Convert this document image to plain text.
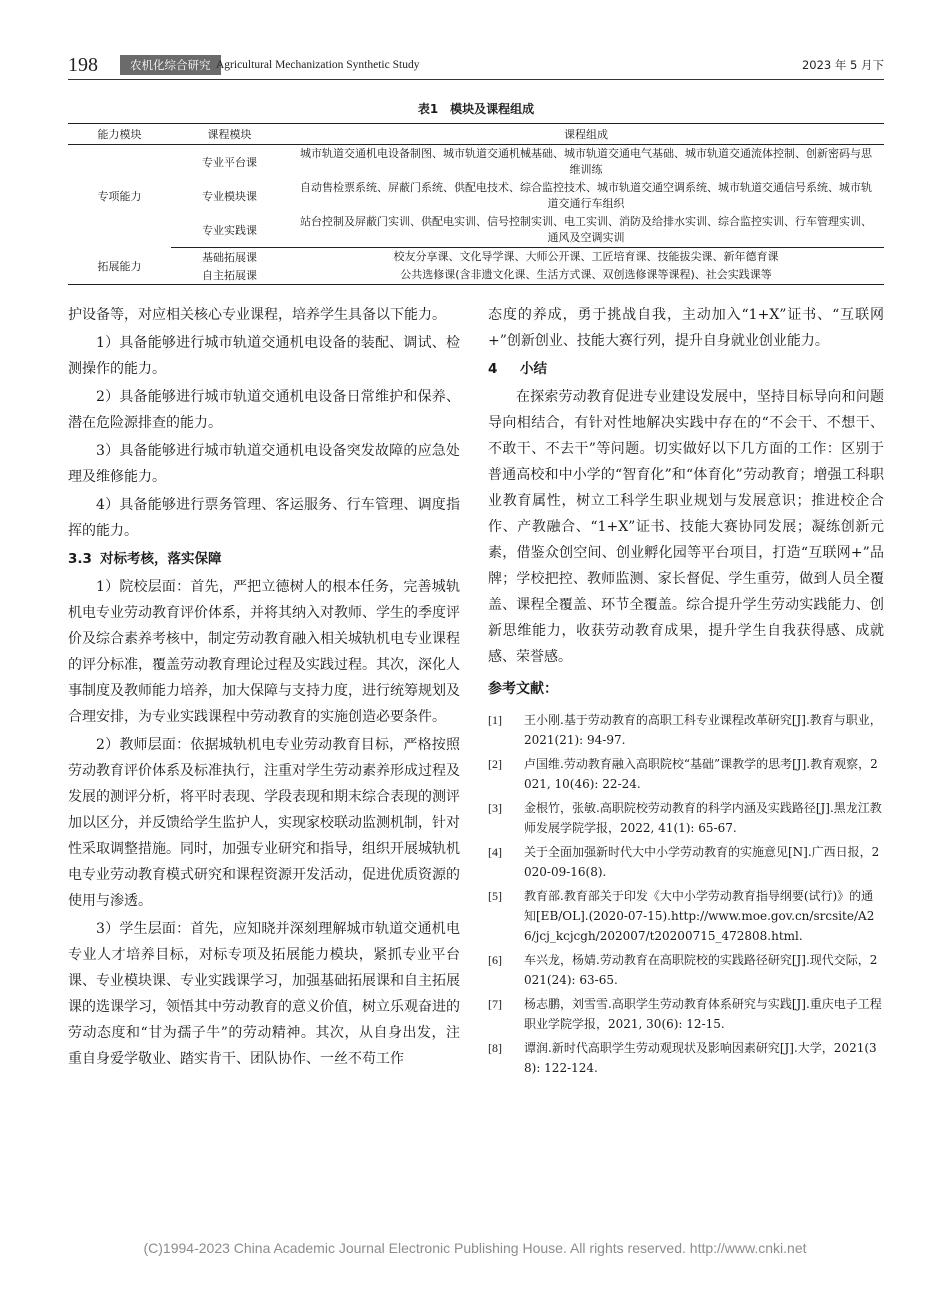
198	农机化综合研究 Agricultural Mechanization Synthetic Study	2023 年 5 月下
表1　模块及课程组成
能力模块	课程模块	课程组成
专项能力	专业平台课	城市轨道交通机电设备制图、城市轨道交通机械基础、城市轨道交通电气基础、城市轨道交通流体控制、创新密码与思维训练
	专业模块课	自动售检票系统、屏蔽门系统、供配电技术、综合监控技术、城市轨道交通空调系统、城市轨道交通信号系统、城市轨道交通行车组织
	专业实践课	站台控制及屏蔽门实训、供配电实训、信号控制实训、电工实训、消防及给排水实训、综合监控实训、行车管理实训、通风及空调实训
拓展能力	基础拓展课	校友分享课、文化导学课、大师公开课、工匠培育课、技能拔尖课、新年德育课
	自主拓展课	公共选修课(含非遗文化课、生活方式课、双创选修课等课程)、社会实践课等

护设备等，对应相关核心专业课程，培养学生具备以下能力。

1）具备能够进行城市轨道交通机电设备的装配、调试、检测操作的能力。

2）具备能够进行城市轨道交通机电设备日常维护和保养、潜在危险源排查的能力。

3）具备能够进行城市轨道交通机电设备突发故障的应急处理及维修能力。

4）具备能够进行票务管理、客运服务、行车管理、调度指挥的能力。

3.3 对标考核，落实保障

1）院校层面：首先，严把立德树人的根本任务，完善城轨机电专业劳动教育评价体系，并将其纳入对教师、学生的季度评价及综合素养考核中，制定劳动教育融入相关城轨机电专业课程的评分标准，覆盖劳动教育理论过程及实践过程。其次，深化人事制度及教师能力培养，加大保障与支持力度，进行统筹规划及合理安排，为专业实践课程中劳动教育的实施创造必要条件。

2）教师层面：依据城轨机电专业劳动教育目标，严格按照劳动教育评价体系及标准执行，注重对学生劳动素养形成过程及发展的测评分析，将平时表现、学段表现和期末综合表现的测评加以区分，并反馈给学生监护人，实现家校联动监测机制，针对性采取调整措施。同时，加强专业研究和指导，组织开展城轨机电专业劳动教育模式研究和课程资源开发活动，促进优质资源的使用与渗透。

3）学生层面：首先，应知晓并深刻理解城市轨道交通机电专业人才培养目标，对标专项及拓展能力模块，紧抓专业平台课、专业模块课、专业实践课学习，加强基础拓展课和自主拓展课的选课学习，领悟其中劳动教育的意义价值，树立乐观奋进的劳动态度和“甘为孺子牛”的劳动精神。其次，从自身出发，注重自身爱学敬业、踏实肯干、团队协作、一丝不苟工作

态度的养成，勇于挑战自我，主动加入“1+X”证书、“互联网+”创新创业、技能大赛行列，提升自身就业创业能力。

4 小结

在探索劳动教育促进专业建设发展中，坚持目标导向和问题导向相结合，有针对性地解决实践中存在的“不会干、不想干、不敢干、不去干”等问题。切实做好以下几方面的工作：区别于普通高校和中小学的“智育化”和“体育化”劳动教育；增强工科职业教育属性，树立工科学生职业规划与发展意识；推进校企合作、产教融合、“1+X”证书、技能大赛协同发展；凝练创新元素，借鉴众创空间、创业孵化园等平台项目，打造“互联网+”品牌；学校把控、教师监测、家长督促、学生重劳，做到人员全覆盖、课程全覆盖、环节全覆盖。综合提升学生劳动实践能力、创新思维能力，收获劳动教育成果，提升学生自我获得感、成就感、荣誉感。

参考文献：
[1] 王小刚.基于劳动教育的高职工科专业课程改革研究[J].教育与职业，2021(21): 94-97.
[2] 卢国维.劳动教育融入高职院校“基础”课教学的思考[J].教育观察，2021, 10(46): 22-24.
[3] 金根竹，张敏.高职院校劳动教育的科学内涵及实践路径[J].黑龙江教师发展学院学报，2022, 41(1): 65-67.
[4] 关于全面加强新时代大中小学劳动教育的实施意见[N].广西日报，2020-09-16(8).
[5] 教育部.教育部关于印发《大中小学劳动教育指导纲要(试行)》的通知[EB/OL].(2020-07-15).http://www.moe.gov.cn/srcsite/A26/jcj_kcjcgh/202007/t20200715_472808.html.
[6] 车兴龙，杨婧.劳动教育在高职院校的实践路径研究[J].现代交际，2021(24): 63-65.
[7] 杨志鹏，刘雪雪.高职学生劳动教育体系研究与实践[J].重庆电子工程职业学院学报，2021, 30(6): 12-15.
[8] 谭润.新时代高职学生劳动观现状及影响因素研究[J].大学，2021(38): 122-124.
(C)1994-2023 China Academic Journal Electronic Publishing House. All rights reserved. http://www.cnki.net
